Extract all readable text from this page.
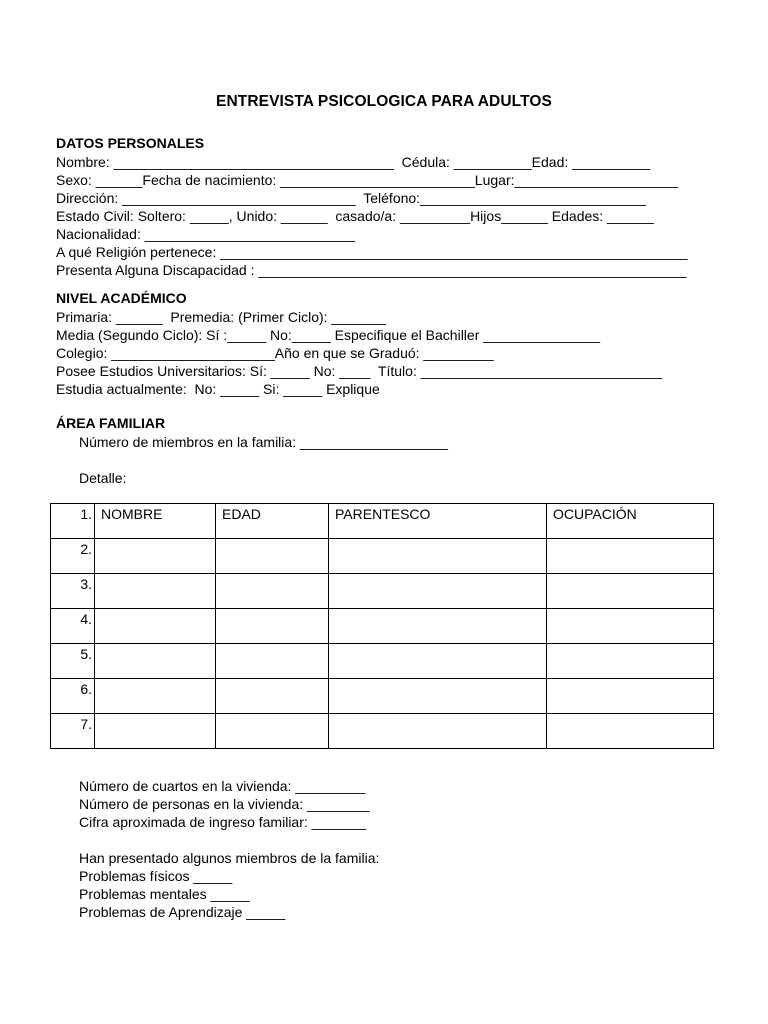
ENTREVISTA PSICOLOGICA PARA ADULTOS
DATOS PERSONALES
Nombre: ____________________________________  Cédula: __________Edad: __________
Sexo: ______Fecha de nacimiento: _________________________Lugar:_____________________
Dirección: ______________________________  Teléfono:_____________________________
Estado Civil: Soltero: _____, Unido: ______  casado/a: _________Hijos______ Edades: ______
Nacionalidad: ___________________________
A qué Religión pertenece: ____________________________________________________________
Presenta Alguna Discapacidad : _______________________________________________________
NIVEL ACADÉMICO
Primaria: ______  Premedia: (Primer Ciclo): _______
Media (Segundo Ciclo): Sí :_____ No:_____ Especifique el Bachiller _______________
Colegio: _____________________Año en que se Graduó: _________
Posee Estudios Universitarios: Sí: _____ No: ____  Título: _______________________________
Estudia actualmente:  No: _____ Si: _____ Explique
ÁREA FAMILIAR
Número de miembros en la familia: ___________________
Detalle:
1.	NOMBRE	EDAD	PARENTESCO	OCUPACIÓN
2.				
3.				
4.				
5.				
6.				
7.				
Número de cuartos en la vivienda: _________
Número de personas en la vivienda: ________
Cifra aproximada de ingreso familiar: _______
Han presentado algunos miembros de la familia:
Problemas físicos _____
Problemas mentales _____
Problemas de Aprendizaje _____
